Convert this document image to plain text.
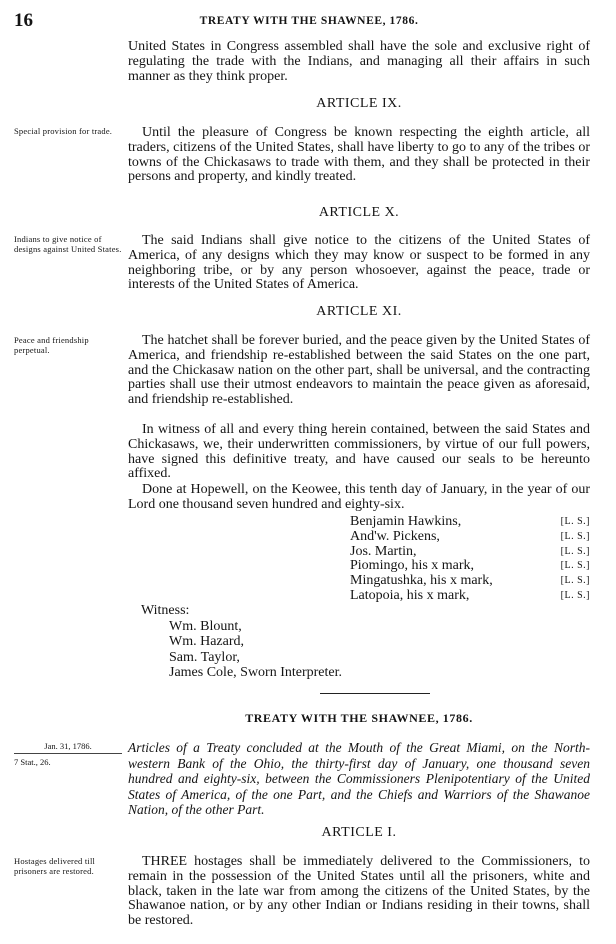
16	TREATY WITH THE SHAWNEE, 1786.

United States in Congress assembled shall have the sole and exclusive right of regulating the trade with the Indians, and managing all their affairs in such manner as they think proper.

ARTICLE IX.
Special provision for trade.	Until the pleasure of Congress be known respecting the eighth article, all traders, citizens of the United States, shall have liberty to go to any of the tribes or towns of the Chickasaws to trade with them, and they shall be protected in their persons and property, and kindly treated.

ARTICLE X.
Indians to give notice of designs against United States.

The said Indians shall give notice to the citizens of the United States of America, of any designs which they may know or suspect to be formed in any neighboring tribe, or by any person whosoever, against the peace, trade or interests of the United States of America.

ARTICLE XI.
Peace and friendship perpetual.

The hatchet shall be forever buried, and the peace given by the United States of America, and friendship re-established between the said States on the one part, and the Chickasaw nation on the other part, shall be universal, and the contracting parties shall use their utmost endeavors to maintain the peace given as aforesaid, and friendship re-established.

In witness of all and every thing herein contained, between the said States and Chickasaws, we, their underwritten commissioners, by virtue of our full powers, have signed this definitive treaty, and have caused our seals to be hereunto affixed.

Done at Hopewell, on the Keowee, this tenth day of January, in the year of our Lord one thousand seven hundred and eighty-six.

Benjamin Hawkins,	[L. S.]
And'w. Pickens,	[L. S.]
Jos. Martin,	[L. S.]
Piomingo, his x mark,	[L. S.]
Mingatushka, his x mark,	[L. S.]
Latopoia, his x mark,	[L. S.]
Witness:
Wm. Blount,
Wm. Hazard,
Sam. Taylor,
James Cole, Sworn Interpreter.
TREATY WITH THE SHAWNEE, 1786.
Jan. 31, 1786.
7 Stat., 26.

Articles of a Treaty concluded at the Mouth of the Great Miami, on the North-western Bank of the Ohio, the thirty-first day of January, one thousand seven hundred and eighty-six, between the Commissioners Plenipotentiary of the United States of America, of the one Part, and the Chiefs and Warriors of the Shawanoe Nation, of the other Part.

ARTICLE I.
Hostages delivered till prisoners are restored.

THREE hostages shall be immediately delivered to the Commissioners, to remain in the possession of the United States until all the prisoners, white and black, taken in the late war from among the citizens of the United States, by the Shawanoe nation, or by any other Indian or Indians residing in their towns, shall be restored.
